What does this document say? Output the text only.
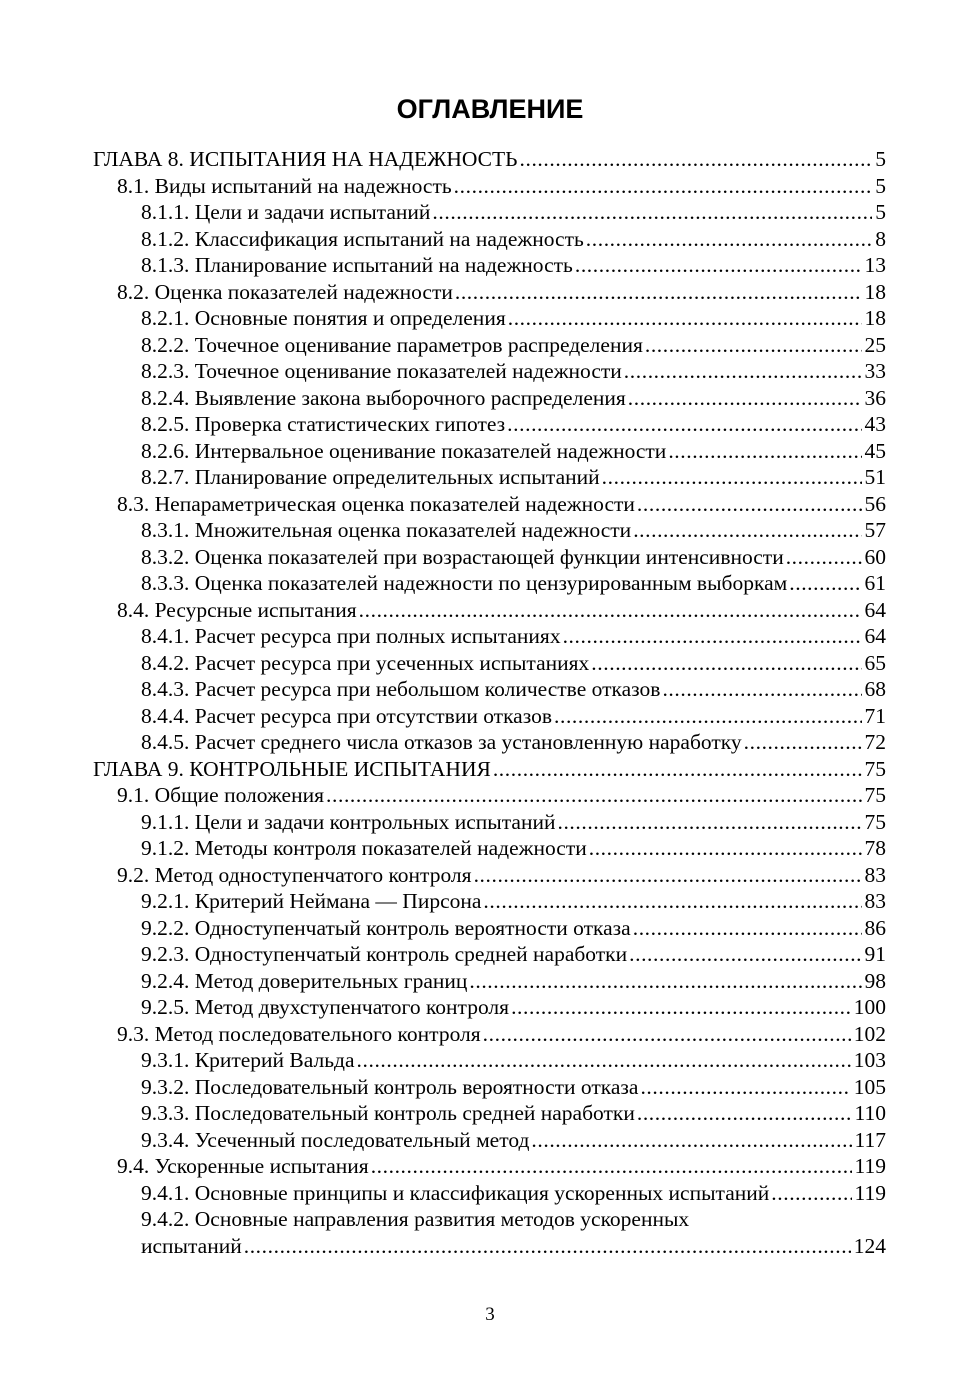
ОГЛАВЛЕНИЕ
ГЛАВА 8. ИСПЫТАНИЯ НА НАДЕЖНОСТЬ .....	5
8.1. Виды испытаний на надежность .....	5
8.1.1. Цели и задачи испытаний .....	5
8.1.2. Классификация испытаний на надежность .....	8
8.1.3. Планирование испытаний на надежность .....	13
8.2. Оценка показателей надежности .....	18
8.2.1. Основные понятия и определения .....	18
8.2.2. Точечное оценивание параметров распределения .....	25
8.2.3. Точечное оценивание показателей надежности .....	33
8.2.4. Выявление закона выборочного распределения .....	36
8.2.5. Проверка статистических гипотез .....	43
8.2.6. Интервальное оценивание показателей надежности .....	45
8.2.7. Планирование определительных испытаний .....	51
8.3. Непараметрическая оценка показателей надежности .....	56
8.3.1. Множительная оценка показателей надежности .....	57
8.3.2. Оценка показателей при возрастающей функции интенсивности .....	60
8.3.3. Оценка показателей надежности по цензурированным выборкам .....	61
8.4. Ресурсные испытания .....	64
8.4.1. Расчет ресурса при полных испытаниях .....	64
8.4.2. Расчет ресурса при усеченных испытаниях .....	65
8.4.3. Расчет ресурса при небольшом количестве отказов .....	68
8.4.4. Расчет ресурса при отсутствии отказов .....	71
8.4.5. Расчет среднего числа отказов за установленную наработку .....	72
ГЛАВА 9. КОНТРОЛЬНЫЕ ИСПЫТАНИЯ .....	75
9.1. Общие положения .....	75
9.1.1. Цели и задачи контрольных испытаний .....	75
9.1.2. Методы контроля показателей надежности .....	78
9.2. Метод одноступенчатого контроля .....	83
9.2.1. Критерий Неймана — Пирсона .....	83
9.2.2. Одноступенчатый контроль вероятности отказа .....	86
9.2.3. Одноступенчатый контроль средней наработки .....	91
9.2.4. Метод доверительных границ .....	98
9.2.5. Метод двухступенчатого контроля .....	100
9.3. Метод последовательного контроля .....	102
9.3.1. Критерий Вальда .....	103
9.3.2. Последовательный контроль вероятности отказа .....	105
9.3.3. Последовательный контроль средней наработки .....	110
9.3.4. Усеченный последовательный метод .....	117
9.4. Ускоренные испытания .....	119
9.4.1. Основные принципы и классификация ускоренных испытаний .....	119
9.4.2. Основные направления развития методов ускоренных
испытаний .....	124
3
